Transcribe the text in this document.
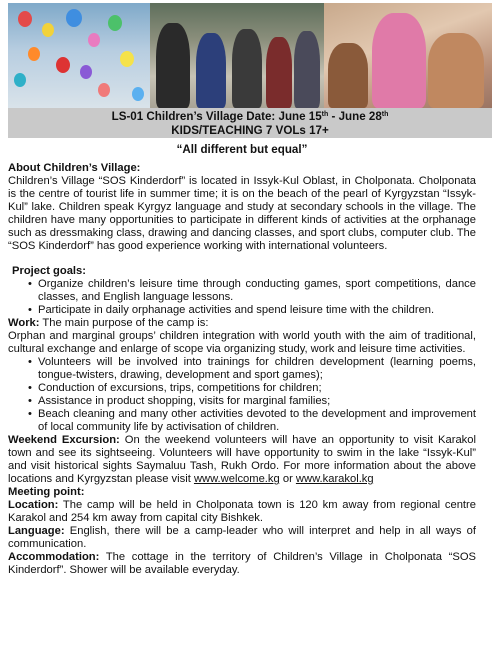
LS-01 Children’s Village Date: June 15th - June 28th
KIDS/TEACHING 7 VOLs 17+

“All different but equal”

About Children’s Village:

Children’s Village “SOS Kinderdorf” is located in Issyk-Kul Oblast, in Cholponata. Cholponata is the centre of tourist life in summer time; it is on the beach of the pearl of Kyrgyzstan “Issyk-Kul” lake. Children speak Kyrgyz language and study at secondary schools in the village. The children have many opportunities to participate in different kinds of activities at the orphanage such as dressmaking class, drawing and dancing classes, and sport clubs, computer club. The “SOS Kinderdorf” has good experience working with international volunteers.

Project goals:

• Organize children’s leisure time through conducting games, sport competitions, dance classes, and English language lessons.
• Participate in daily orphanage activities and spend leisure time with the children.

Work: The main purpose of the camp is:

Orphan and marginal groups’ children integration with world youth with the aim of traditional, cultural exchange and enlarge of scope via organizing study, work and leisure time activities.

• Volunteers will be involved into trainings for children development (learning poems, tongue-twisters, drawing, development and sport games);
• Conduction of excursions, trips, competitions for children;
• Assistance in product shopping, visits for marginal families;
• Beach cleaning and many other activities devoted to the development and improvement of local community life by activisation of children.

Weekend Excursion: On the weekend volunteers will have an opportunity to visit Karakol town and see its sightseeing. Volunteers will have opportunity to swim in the lake “Issyk-Kul” and visit historical sights Saymaluu Tash, Rukh Ordo. For more information about the above locations and Kyrgyzstan please visit www.welcome.kg or www.karakol.kg

Meeting point:

Location: The camp will be held in Cholponata town is 120 km away from regional centre Karakol and 254 km away from capital city Bishkek.

Language: English, there will be a camp-leader who will interpret and help in all ways of communication.

Accommodation: The cottage in the territory of Children’s Village in Cholponata “SOS Kinderdorf”. Shower will be available everyday.
